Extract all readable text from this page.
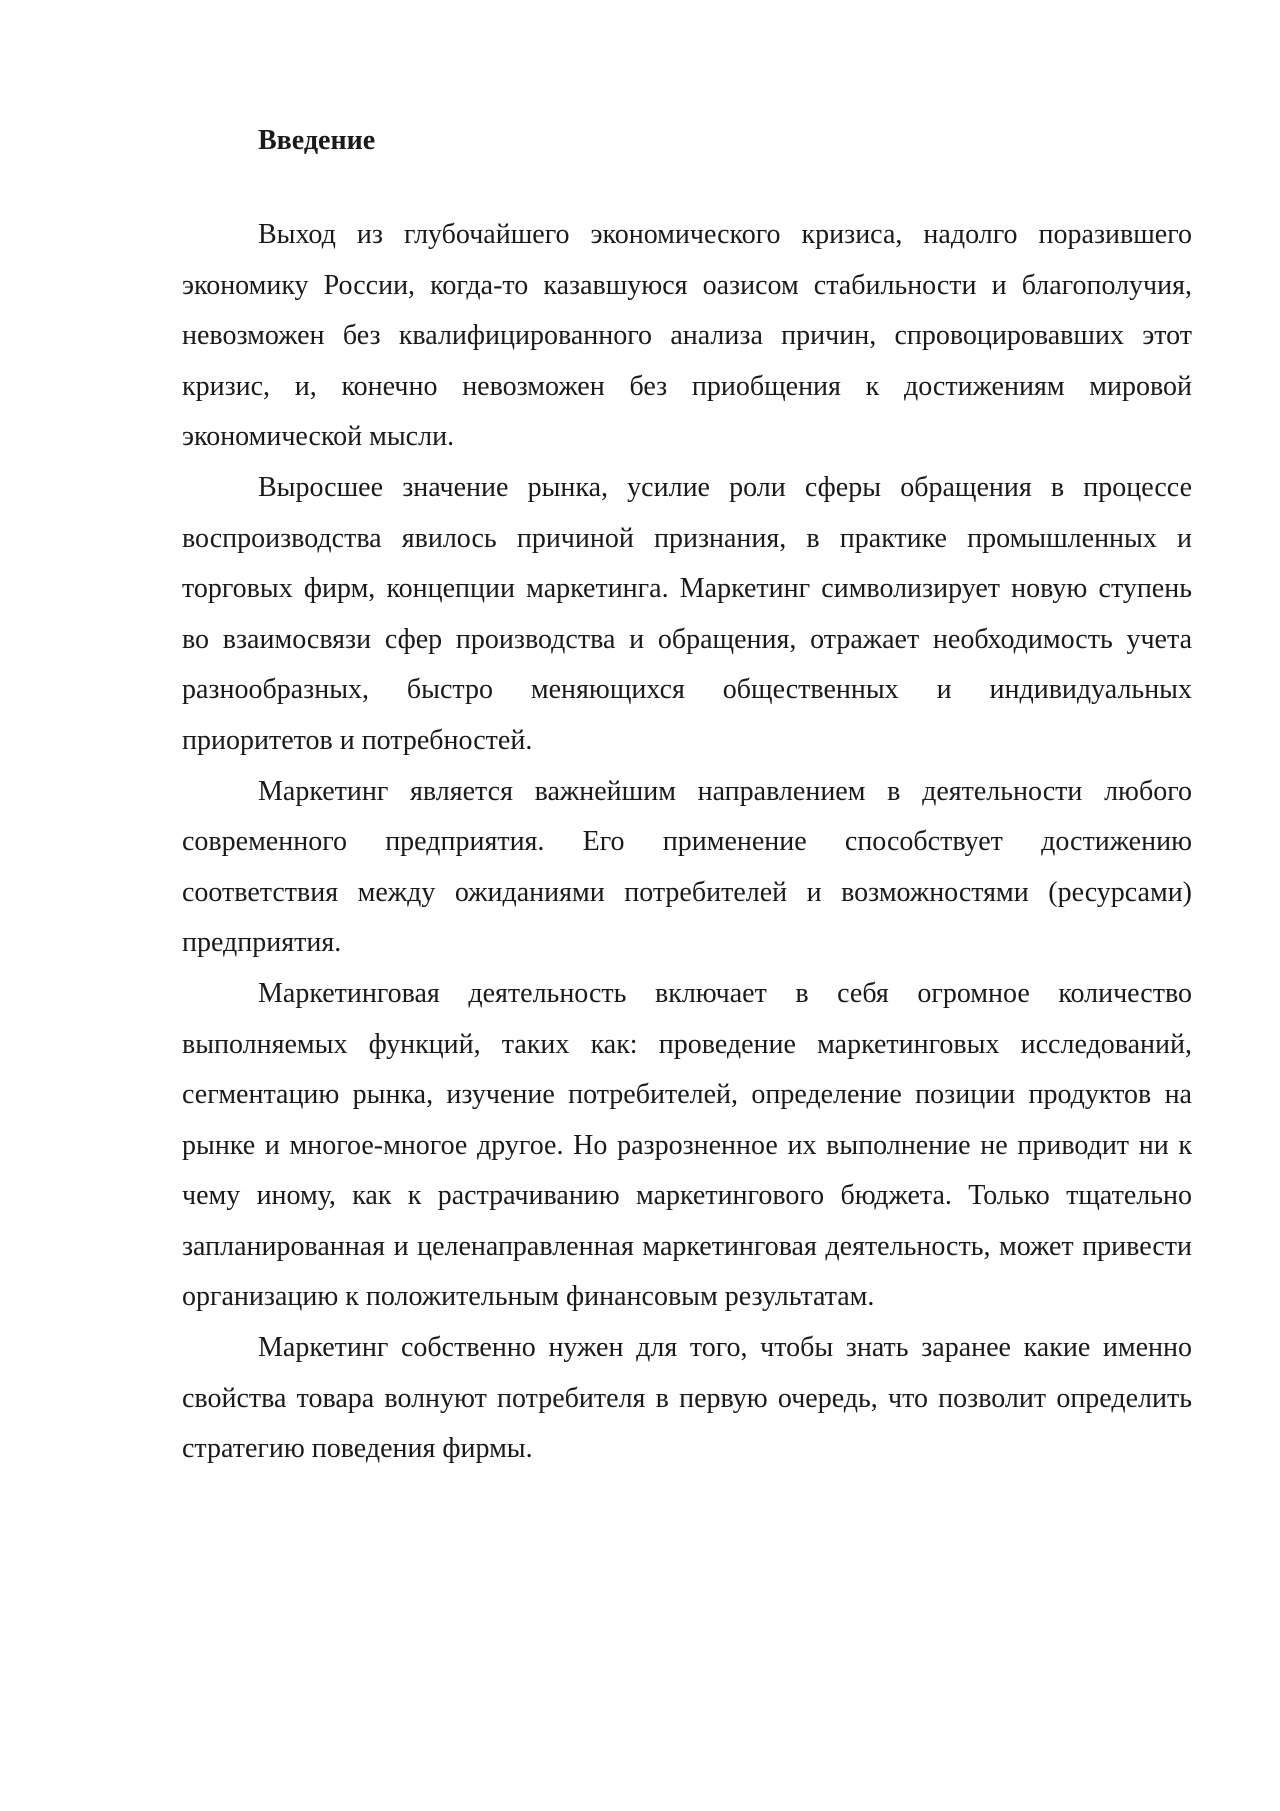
Введение

Выход из глубочайшего экономического кризиса, надолго поразившего экономику России, когда-то казавшуюся оазисом стабильности и благополучия, невозможен без квалифицированного анализа причин, спровоцировавших этот кризис, и, конечно невозможен без приобщения к достижениям мировой экономической мысли.

Выросшее значение рынка, усилие роли сферы обращения в процессе воспроизводства явилось причиной признания, в практике промышленных и торговых фирм, концепции маркетинга. Маркетинг символизирует новую ступень во взаимосвязи сфер производства и обращения, отражает необходимость учета разнообразных, быстро меняющихся общественных и индивидуальных приоритетов и потребностей.

Маркетинг является важнейшим направлением в деятельности любого современного предприятия. Его применение способствует достижению соответствия между ожиданиями потребителей и возможностями (ресурсами) предприятия.

Маркетинговая деятельность включает в себя огромное количество выполняемых функций, таких как: проведение маркетинговых исследований, сегментацию рынка, изучение потребителей, определение позиции продуктов на рынке и многое-многое другое. Но разрозненное их выполнение не приводит ни к чему иному, как к растрачиванию маркетингового бюджета. Только тщательно запланированная и целенаправленная маркетинговая деятельность, может привести организацию к положительным финансовым результатам.

Маркетинг собственно нужен для того, чтобы знать заранее какие именно свойства товара волнуют потребителя в первую очередь, что позволит определить стратегию поведения фирмы.
